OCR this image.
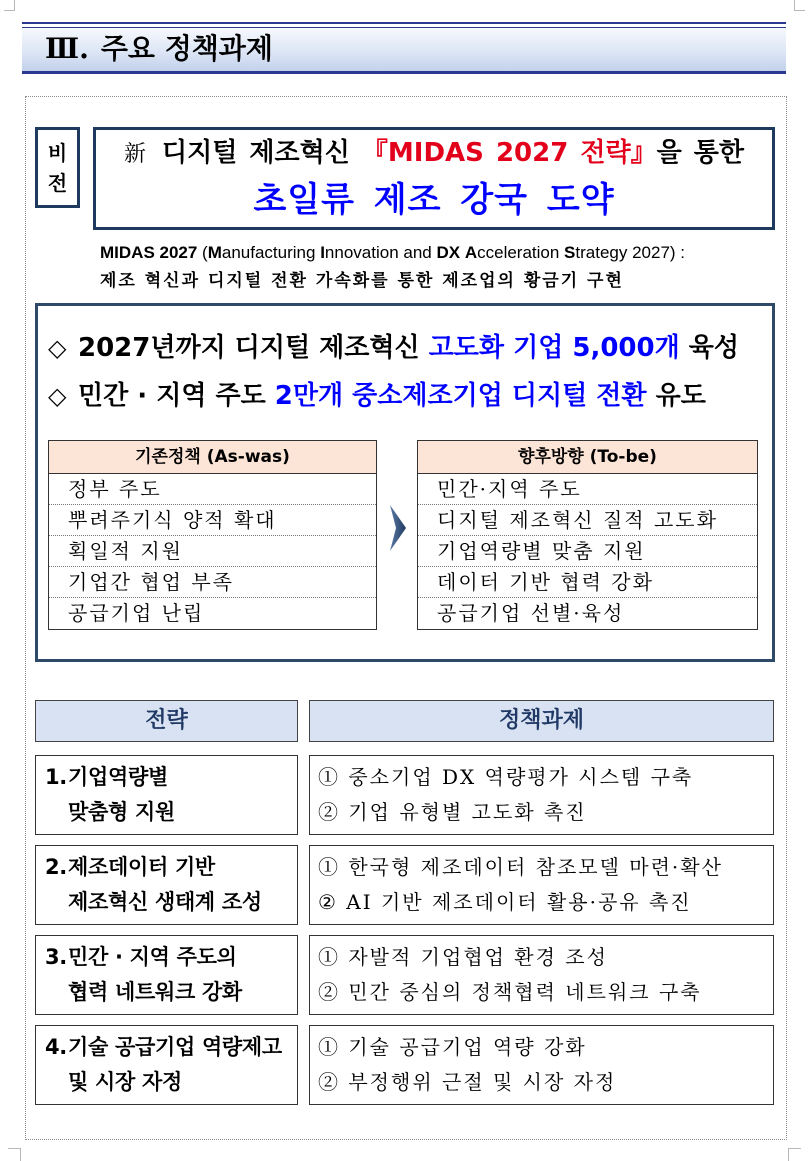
Ⅲ. 주요 정책과제
비
전
新 디지털 제조혁신 『MIDAS 2027 전략』을 통한
초일류 제조 강국 도약
MIDAS 2027 (Manufacturing Innovation and DX Acceleration Strategy 2027) :
제조 혁신과 디지털 전환 가속화를 통한 제조업의 황금기 구현
◇ 2027년까지 디지털 제조혁신 고도화 기업 5,000개 육성
◇ 민간 · 지역 주도 2만개 중소제조기업 디지털 전환 유도
기존정책 (As-was)
정부 주도
뿌려주기식 양적 확대
획일적 지원
기업간 협업 부족
공급기업 난립
향후방향 (To-be)
민간·지역 주도
디지털 제조혁신 질적 고도화
기업역량별 맞춤 지원
데이터 기반 협력 강화
공급기업 선별·육성
전략	정책과제
1. 기업역량별
맞춤형 지원
① 중소기업 DX 역량평가 시스템 구축
② 기업 유형별 고도화 촉진
2. 제조데이터 기반
제조혁신 생태계 조성
① 한국형 제조데이터 참조모델 마련·확산
② AI 기반 제조데이터 활용·공유 촉진
3. 민간 · 지역 주도의
협력 네트워크 강화
① 자발적 기업협업 환경 조성
② 민간 중심의 정책협력 네트워크 구축
4. 기술 공급기업 역량제고
및 시장 자정
① 기술 공급기업 역량 강화
② 부정행위 근절 및 시장 자정
